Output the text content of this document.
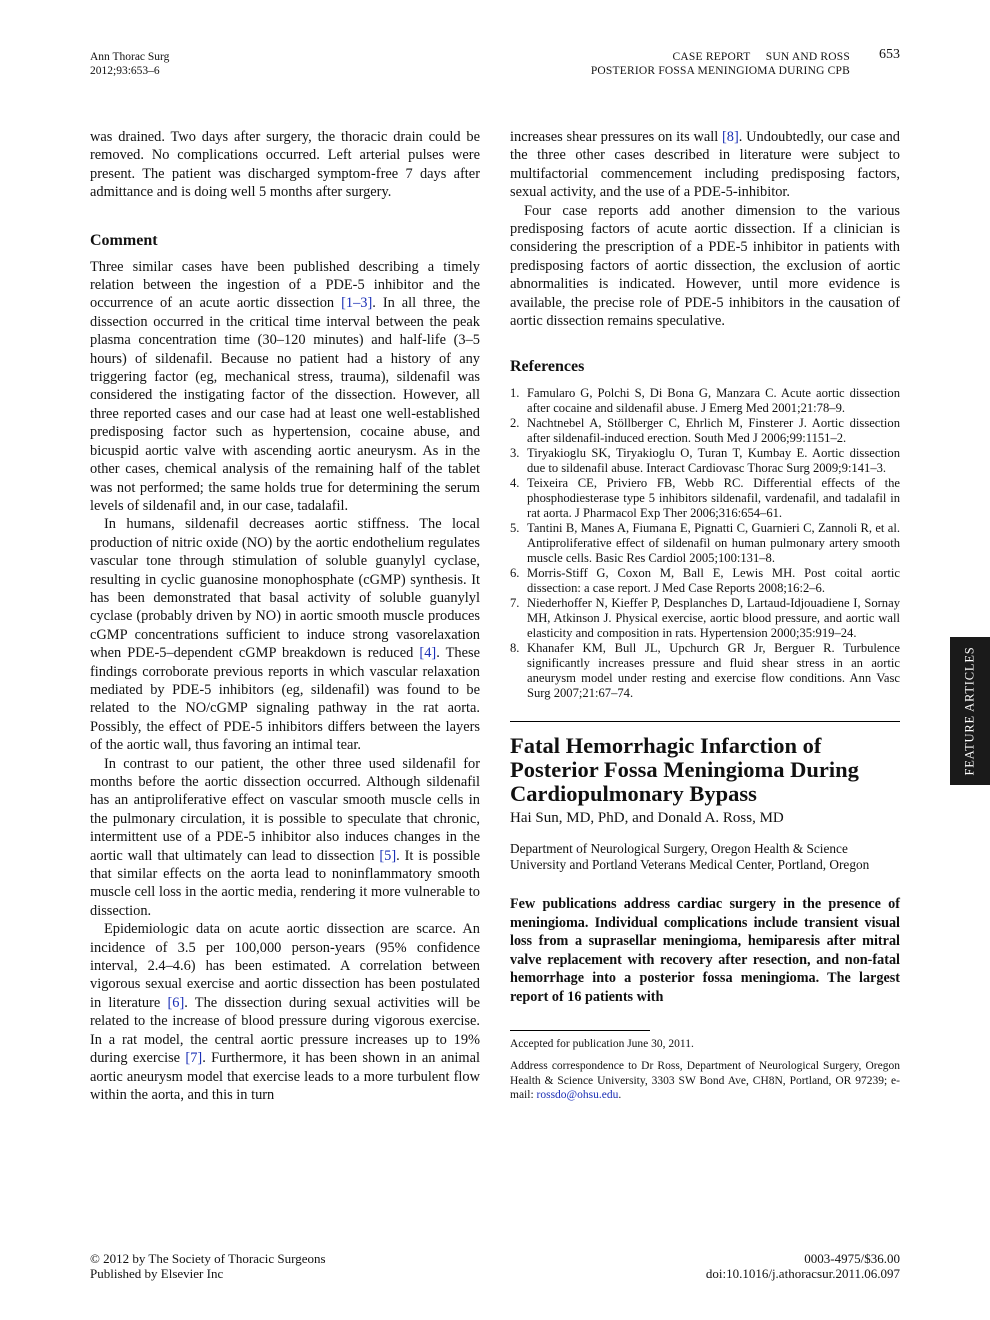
Ann Thorac Surg
2012;93:653–6
CASE REPORT SUN AND ROSS
POSTERIOR FOSSA MENINGIOMA DURING CPB
653

was drained. Two days after surgery, the thoracic drain could be removed. No complications occurred. Left arterial pulses were present. The patient was discharged symptom-free 7 days after admittance and is doing well 5 months after surgery.

Comment

Three similar cases have been published describing a timely relation between the ingestion of a PDE-5 inhibitor and the occurrence of an acute aortic dissection [1–3]. In all three, the dissection occurred in the critical time interval between the peak plasma concentration time (30–120 minutes) and half-life (3–5 hours) of sildenafil. Because no patient had a history of any triggering factor (eg, mechanical stress, trauma), sildenafil was considered the instigating factor of the dissection. However, all three reported cases and our case had at least one well-established predisposing factor such as hypertension, cocaine abuse, and bicuspid aortic valve with ascending aortic aneurysm. As in the other cases, chemical analysis of the remaining half of the tablet was not performed; the same holds true for determining the serum levels of sildenafil and, in our case, tadalafil.

In humans, sildenafil decreases aortic stiffness. The local production of nitric oxide (NO) by the aortic endothelium regulates vascular tone through stimulation of soluble guanylyl cyclase, resulting in cyclic guanosine monophosphate (cGMP) synthesis. It has been demonstrated that basal activity of soluble guanylyl cyclase (probably driven by NO) in aortic smooth muscle produces cGMP concentrations sufficient to induce strong vasorelaxation when PDE-5–dependent cGMP breakdown is reduced [4]. These findings corroborate previous reports in which vascular relaxation mediated by PDE-5 inhibitors (eg, sildenafil) was found to be related to the NO/cGMP signaling pathway in the rat aorta. Possibly, the effect of PDE-5 inhibitors differs between the layers of the aortic wall, thus favoring an intimal tear.

In contrast to our patient, the other three used sildenafil for months before the aortic dissection occurred. Although sildenafil has an antiproliferative effect on vascular smooth muscle cells in the pulmonary circulation, it is possible to speculate that chronic, intermittent use of a PDE-5 inhibitor also induces changes in the aortic wall that ultimately can lead to dissection [5]. It is possible that similar effects on the aorta lead to noninflammatory smooth muscle cell loss in the aortic media, rendering it more vulnerable to dissection.

Epidemiologic data on acute aortic dissection are scarce. An incidence of 3.5 per 100,000 person-years (95% confidence interval, 2.4–4.6) has been estimated. A correlation between vigorous sexual exercise and aortic dissection has been postulated in literature [6]. The dissection during sexual activities will be related to the increase of blood pressure during vigorous exercise. In a rat model, the central aortic pressure increases up to 19% during exercise [7]. Furthermore, it has been shown in an animal aortic aneurysm model that exercise leads to a more turbulent flow within the aorta, and this in turn

increases shear pressures on its wall [8]. Undoubtedly, our case and the three other cases described in literature were subject to multifactorial commencement including predisposing factors, sexual activity, and the use of a PDE-5-inhibitor.

Four case reports add another dimension to the various predisposing factors of acute aortic dissection. If a clinician is considering the prescription of a PDE-5 inhibitor in patients with predisposing factors of aortic dissection, the exclusion of aortic abnormalities is indicated. However, until more evidence is available, the precise role of PDE-5 inhibitors in the causation of aortic dissection remains speculative.

References
1. Famularo G, Polchi S, Di Bona G, Manzara C. Acute aortic dissection after cocaine and sildenafil abuse. J Emerg Med 2001;21:78–9.
2. Nachtnebel A, Stöllberger C, Ehrlich M, Finsterer J. Aortic dissection after sildenafil-induced erection. South Med J 2006;99:1151–2.
3. Tiryakioglu SK, Tiryakioglu O, Turan T, Kumbay E. Aortic dissection due to sildenafil abuse. Interact Cardiovasc Thorac Surg 2009;9:141–3.
4. Teixeira CE, Priviero FB, Webb RC. Differential effects of the phosphodiesterase type 5 inhibitors sildenafil, vardenafil, and tadalafil in rat aorta. J Pharmacol Exp Ther 2006;316:654–61.
5. Tantini B, Manes A, Fiumana E, Pignatti C, Guarnieri C, Zannoli R, et al. Antiproliferative effect of sildenafil on human pulmonary artery smooth muscle cells. Basic Res Cardiol 2005;100:131–8.
6. Morris-Stiff G, Coxon M, Ball E, Lewis MH. Post coital aortic dissection: a case report. J Med Case Reports 2008;16:2–6.
7. Niederhoffer N, Kieffer P, Desplanches D, Lartaud-Idjouadiene I, Sornay MH, Atkinson J. Physical exercise, aortic blood pressure, and aortic wall elasticity and composition in rats. Hypertension 2000;35:919–24.
8. Khanafer KM, Bull JL, Upchurch GR Jr, Berguer R. Turbulence significantly increases pressure and fluid shear stress in an aortic aneurysm model under resting and exercise flow conditions. Ann Vasc Surg 2007;21:67–74.
Fatal Hemorrhagic Infarction of Posterior Fossa Meningioma During Cardiopulmonary Bypass
Hai Sun, MD, PhD, and Donald A. Ross, MD
Department of Neurological Surgery, Oregon Health & Science University and Portland Veterans Medical Center, Portland, Oregon
Few publications address cardiac surgery in the presence of meningioma. Individual complications include transient visual loss from a suprasellar meningioma, hemiparesis after mitral valve replacement with recovery after resection, and non-fatal hemorrhage into a posterior fossa meningioma. The largest report of 16 patients with

Accepted for publication June 30, 2011.

Address correspondence to Dr Ross, Department of Neurological Surgery, Oregon Health & Science University, 3303 SW Bond Ave, CH8N, Portland, OR 97239; e-mail: rossdo@ohsu.edu.

© 2012 by The Society of Thoracic Surgeons
Published by Elsevier Inc
0003-4975/$36.00
doi:10.1016/j.athoracsur.2011.06.097
FEATURE ARTICLES
